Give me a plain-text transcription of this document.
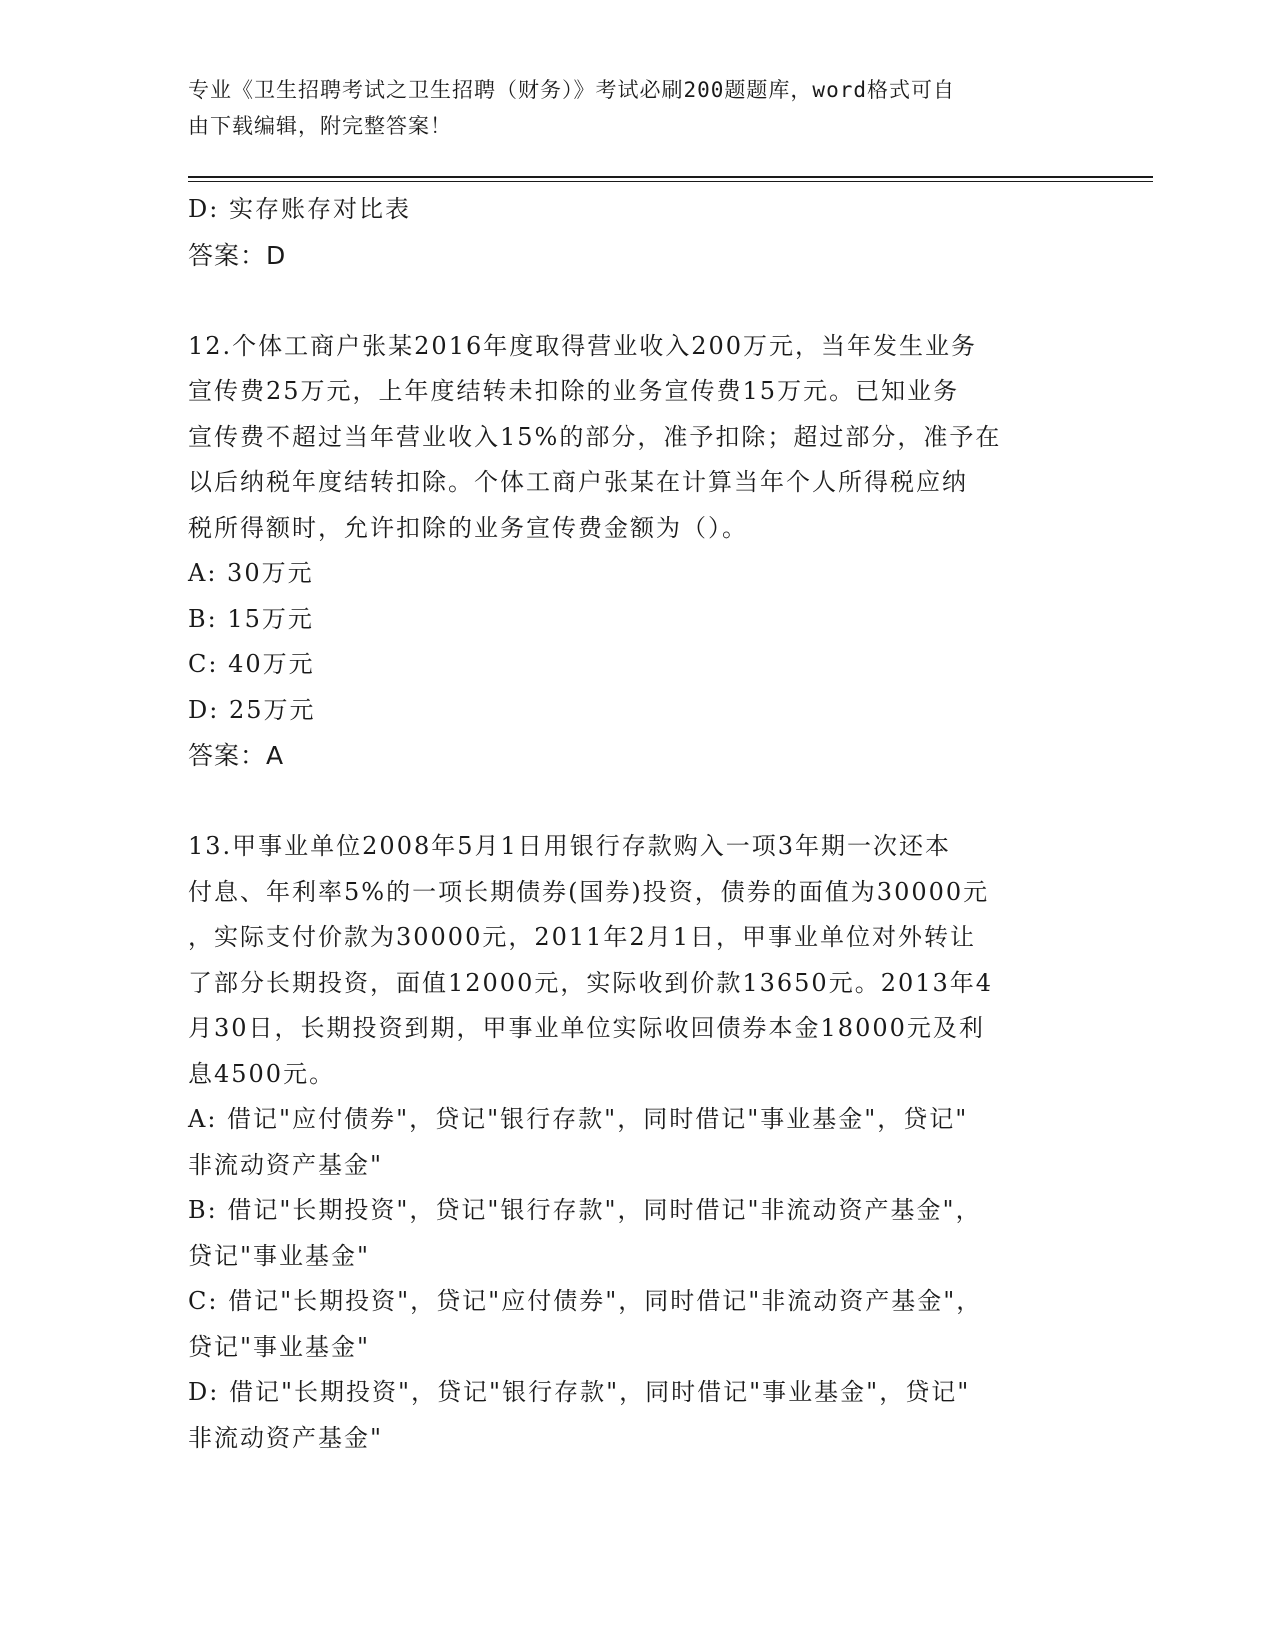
专业《卫生招聘考试之卫生招聘（财务）》考试必刷200题题库，word格式可自
由下载编辑，附完整答案！
D: 实存账存对比表
答案：D
12.个体工商户张某2016年度取得营业收入200万元，当年发生业务
宣传费25万元，上年度结转未扣除的业务宣传费15万元。已知业务
宣传费不超过当年营业收入15%的部分，准予扣除；超过部分，准予在
以后纳税年度结转扣除。个体工商户张某在计算当年个人所得税应纳
税所得额时，允许扣除的业务宣传费金额为（）。
A: 30万元
B: 15万元
C: 40万元
D: 25万元
答案：A
13.甲事业单位2008年5月1日用银行存款购入一项3年期一次还本
付息、年利率5%的一项长期债券(国券)投资，债券的面值为30000元
，实际支付价款为30000元，2011年2月1日，甲事业单位对外转让
了部分长期投资，面值12000元，实际收到价款13650元。2013年4
月30日，长期投资到期，甲事业单位实际收回债券本金18000元及利
息4500元。
A: 借记"应付债券"，贷记"银行存款"，同时借记"事业基金"，贷记"
非流动资产基金"
B: 借记"长期投资"，贷记"银行存款"，同时借记"非流动资产基金"，
贷记"事业基金"
C: 借记"长期投资"，贷记"应付债券"，同时借记"非流动资产基金"，
贷记"事业基金"
D: 借记"长期投资"，贷记"银行存款"，同时借记"事业基金"，贷记"
非流动资产基金"
